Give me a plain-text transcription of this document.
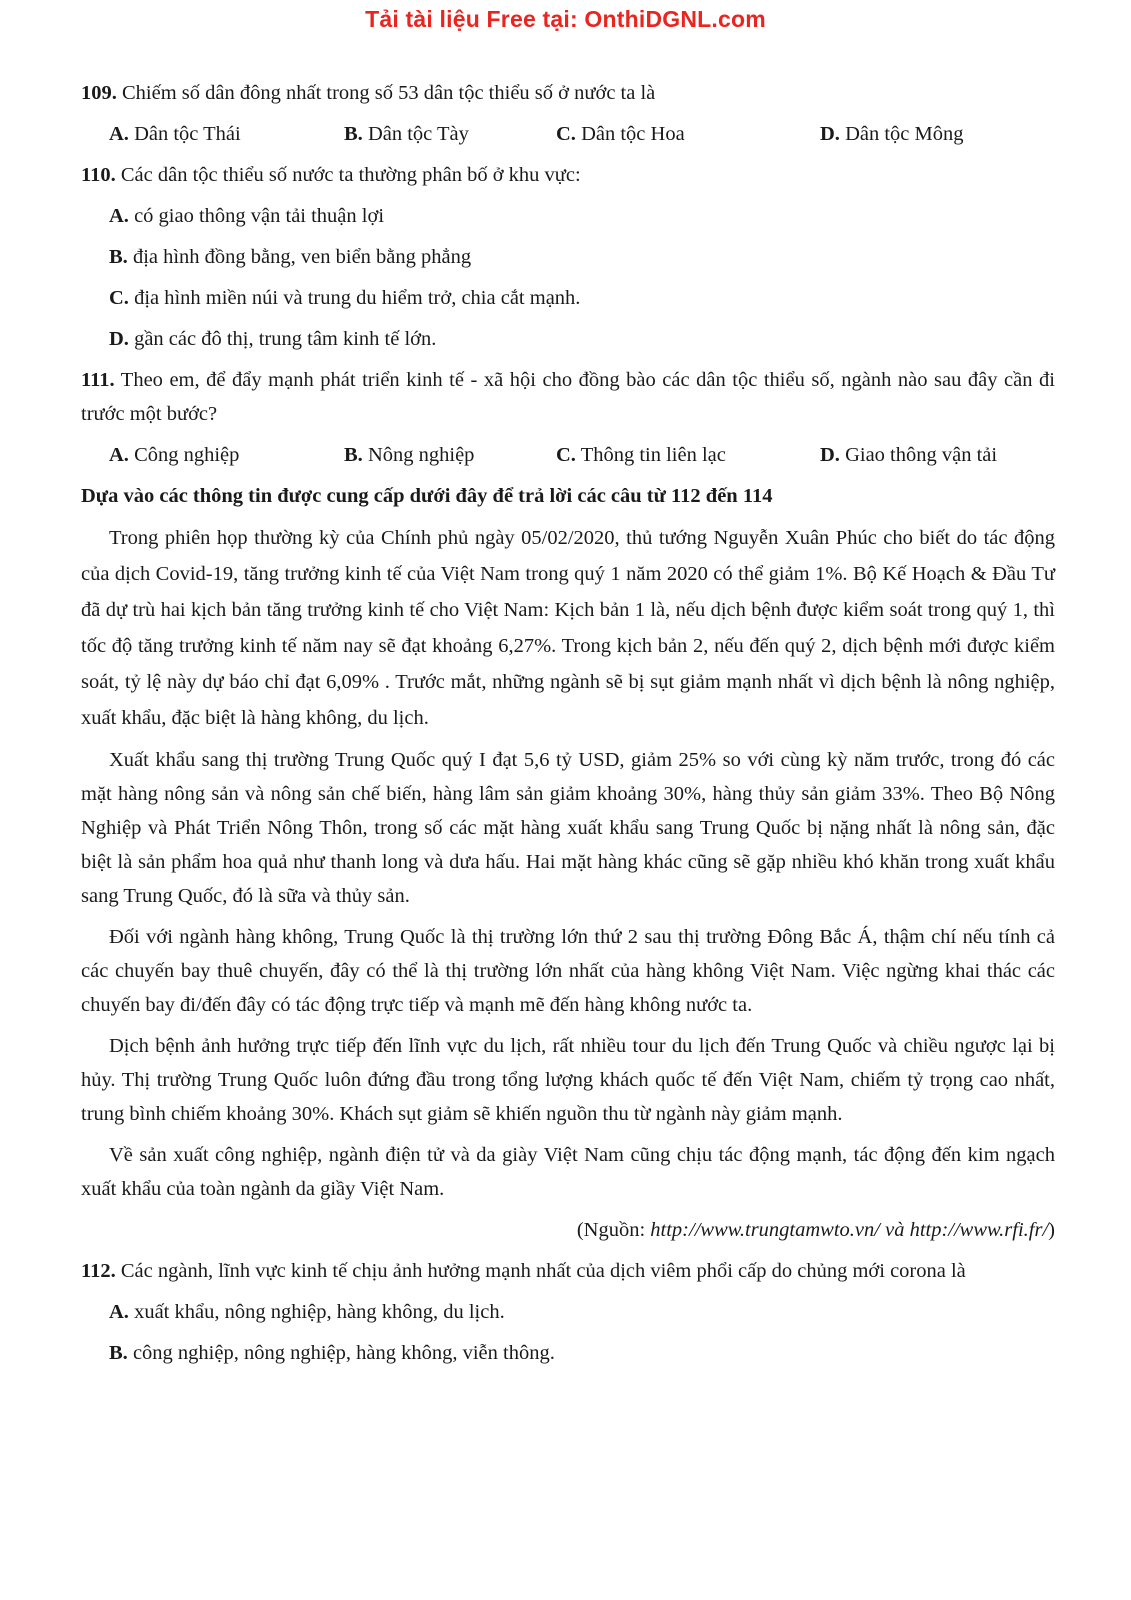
Tải tài liệu Free tại: OnthiDGNL.com

109. Chiếm số dân đông nhất trong số 53 dân tộc thiểu số ở nước ta là

A. Dân tộc Thái	B. Dân tộc Tày	C. Dân tộc Hoa	D. Dân tộc Mông

110. Các dân tộc thiểu số nước ta thường phân bố ở khu vực:

A. có giao thông vận tải thuận lợi
B. địa hình đồng bằng, ven biển bằng phẳng
C. địa hình miền núi và trung du hiểm trở, chia cắt mạnh.
D. gần các đô thị, trung tâm kinh tế lớn.

111. Theo em, để đẩy mạnh phát triển kinh tế - xã hội cho đồng bào các dân tộc thiểu số, ngành nào sau đây cần đi trước một bước?

A. Công nghiệp	B. Nông nghiệp	C. Thông tin liên lạc	D. Giao thông vận tải

Dựa vào các thông tin được cung cấp dưới đây để trả lời các câu từ 112 đến 114

Trong phiên họp thường kỳ của Chính phủ ngày 05/02/2020, thủ tướng Nguyễn Xuân Phúc cho biết do tác động của dịch Covid-19, tăng trưởng kinh tế của Việt Nam trong quý 1 năm 2020 có thể giảm 1%. Bộ Kế Hoạch & Đầu Tư đã dự trù hai kịch bản tăng trưởng kinh tế cho Việt Nam: Kịch bản 1 là, nếu dịch bệnh được kiểm soát trong quý 1, thì tốc độ tăng trưởng kinh tế năm nay sẽ đạt khoảng 6,27%. Trong kịch bản 2, nếu đến quý 2, dịch bệnh mới được kiểm soát, tỷ lệ này dự báo chỉ đạt 6,09% . Trước mắt, những ngành sẽ bị sụt giảm mạnh nhất vì dịch bệnh là nông nghiệp, xuất khẩu, đặc biệt là hàng không, du lịch.

Xuất khẩu sang thị trường Trung Quốc quý I đạt 5,6 tỷ USD, giảm 25% so với cùng kỳ năm trước, trong đó các mặt hàng nông sản và nông sản chế biến, hàng lâm sản giảm khoảng 30%, hàng thủy sản giảm 33%. Theo Bộ Nông Nghiệp và Phát Triển Nông Thôn, trong số các mặt hàng xuất khẩu sang Trung Quốc bị nặng nhất là nông sản, đặc biệt là sản phẩm hoa quả như thanh long và dưa hấu. Hai mặt hàng khác cũng sẽ gặp nhiều khó khăn trong xuất khẩu sang Trung Quốc, đó là sữa và thủy sản.

Đối với ngành hàng không, Trung Quốc là thị trường lớn thứ 2 sau thị trường Đông Bắc Á, thậm chí nếu tính cả các chuyến bay thuê chuyến, đây có thể là thị trường lớn nhất của hàng không Việt Nam. Việc ngừng khai thác các chuyến bay đi/đến đây có tác động trực tiếp và mạnh mẽ đến hàng không nước ta.

Dịch bệnh ảnh hưởng trực tiếp đến lĩnh vực du lịch, rất nhiều tour du lịch đến Trung Quốc và chiều ngược lại bị hủy. Thị trường Trung Quốc luôn đứng đầu trong tổng lượng khách quốc tế đến Việt Nam, chiếm tỷ trọng cao nhất, trung bình chiếm khoảng 30%. Khách sụt giảm sẽ khiến nguồn thu từ ngành này giảm mạnh.

Về sản xuất công nghiệp, ngành điện tử và da giày Việt Nam cũng chịu tác động mạnh, tác động đến kim ngạch xuất khẩu của toàn ngành da giầy Việt Nam.

(Nguồn: http://www.trungtamwto.vn/ và http://www.rfi.fr/)

112. Các ngành, lĩnh vực kinh tế chịu ảnh hưởng mạnh nhất của dịch viêm phổi cấp do chủng mới corona là

A. xuất khẩu, nông nghiệp, hàng không, du lịch.
B. công nghiệp, nông nghiệp, hàng không, viễn thông.
